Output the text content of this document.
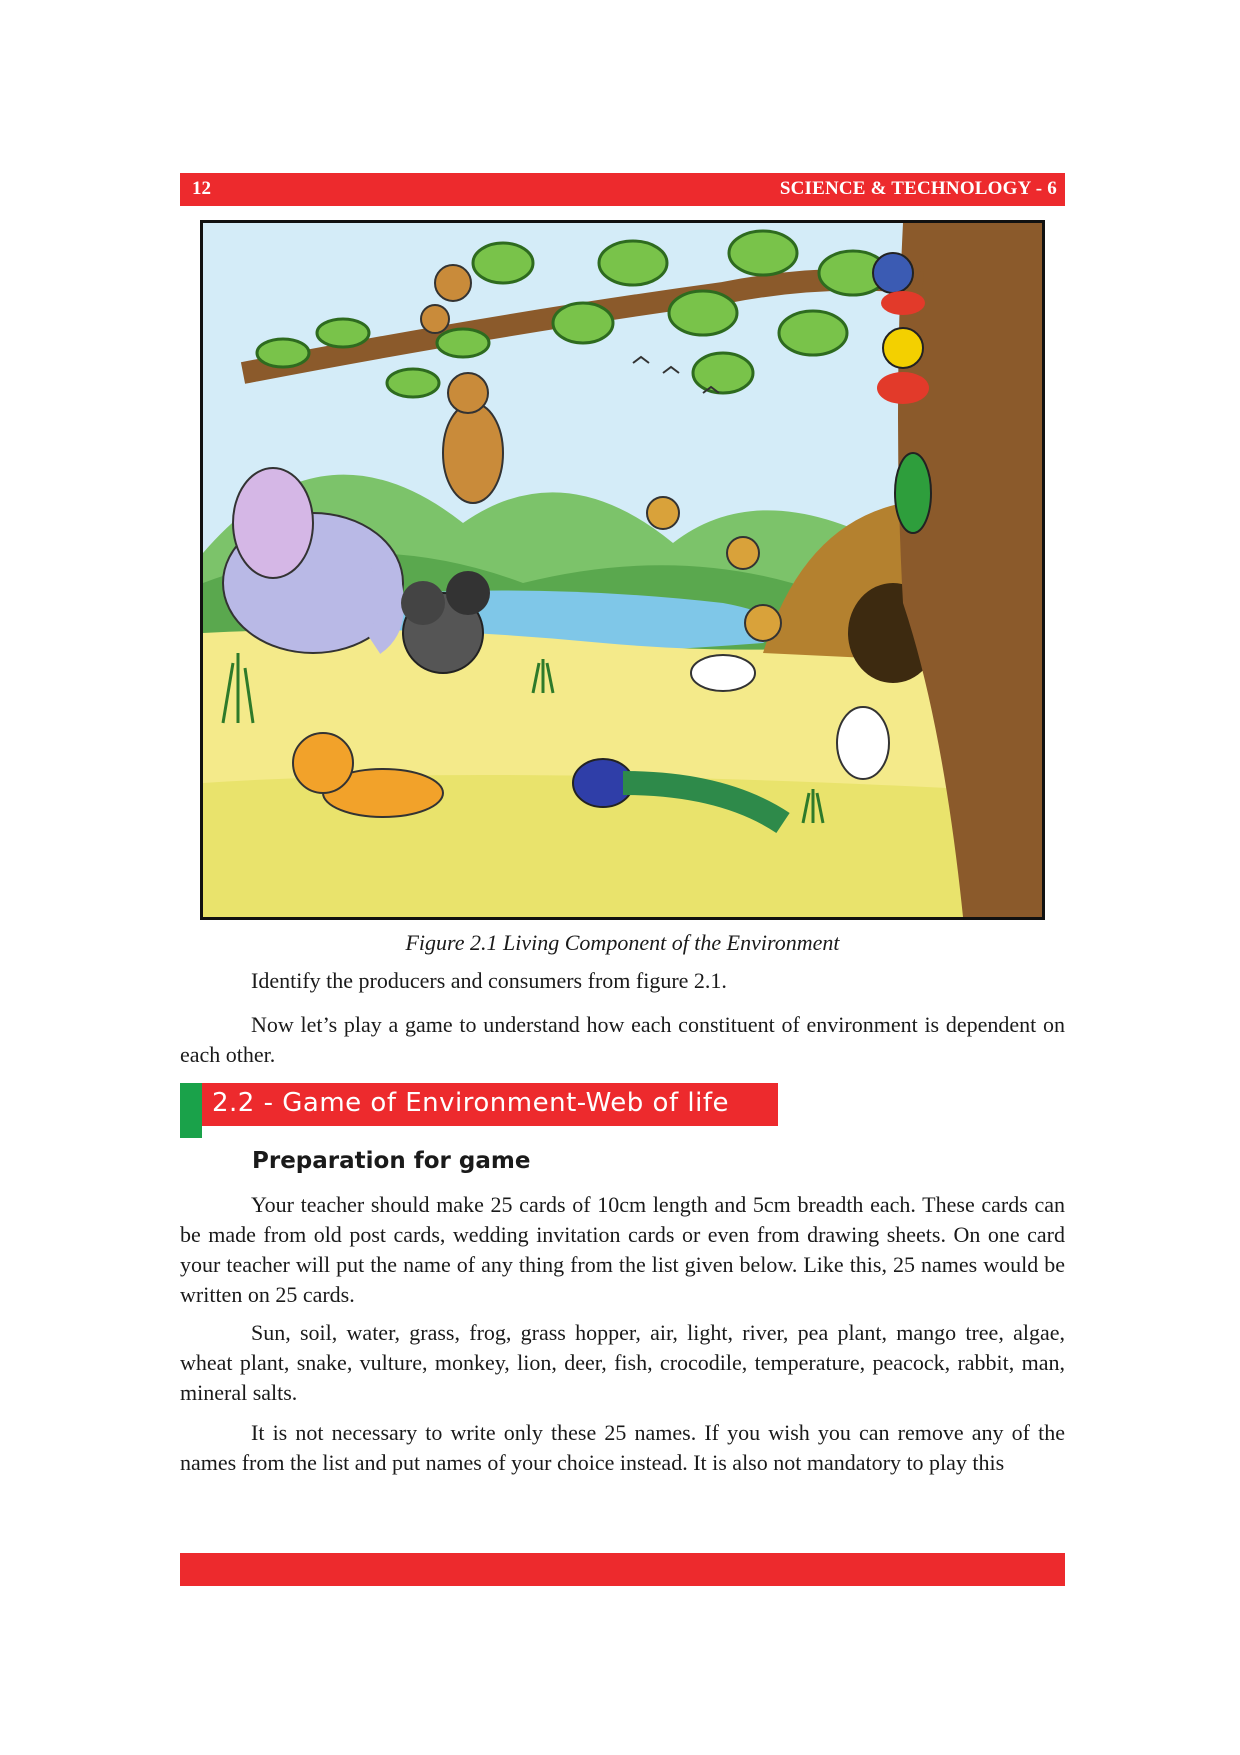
12	SCIENCE & TECHNOLOGY - 6
Figure 2.1 Living Component of the Environment

Identify the producers and consumers from figure 2.1.

Now let’s play a game to understand how each constituent of environment is dependent on each other.

2.2 - Game of Environment-Web of life
Preparation for game

Your teacher should make 25 cards of 10cm length and 5cm breadth each. These cards can be made from old post cards, wedding invitation cards or even from drawing sheets. On one card your teacher will put the name of any thing from the list given below. Like this, 25 names would be written on 25 cards.

Sun, soil, water, grass, frog, grass hopper, air, light, river, pea plant, mango tree, algae, wheat plant, snake, vulture, monkey, lion, deer, fish, crocodile, temperature, peacock, rabbit, man, mineral salts.

It is not necessary to write only these 25 names. If you wish you can remove any of the names from the list and put names of your choice instead. It is also not mandatory to play this
